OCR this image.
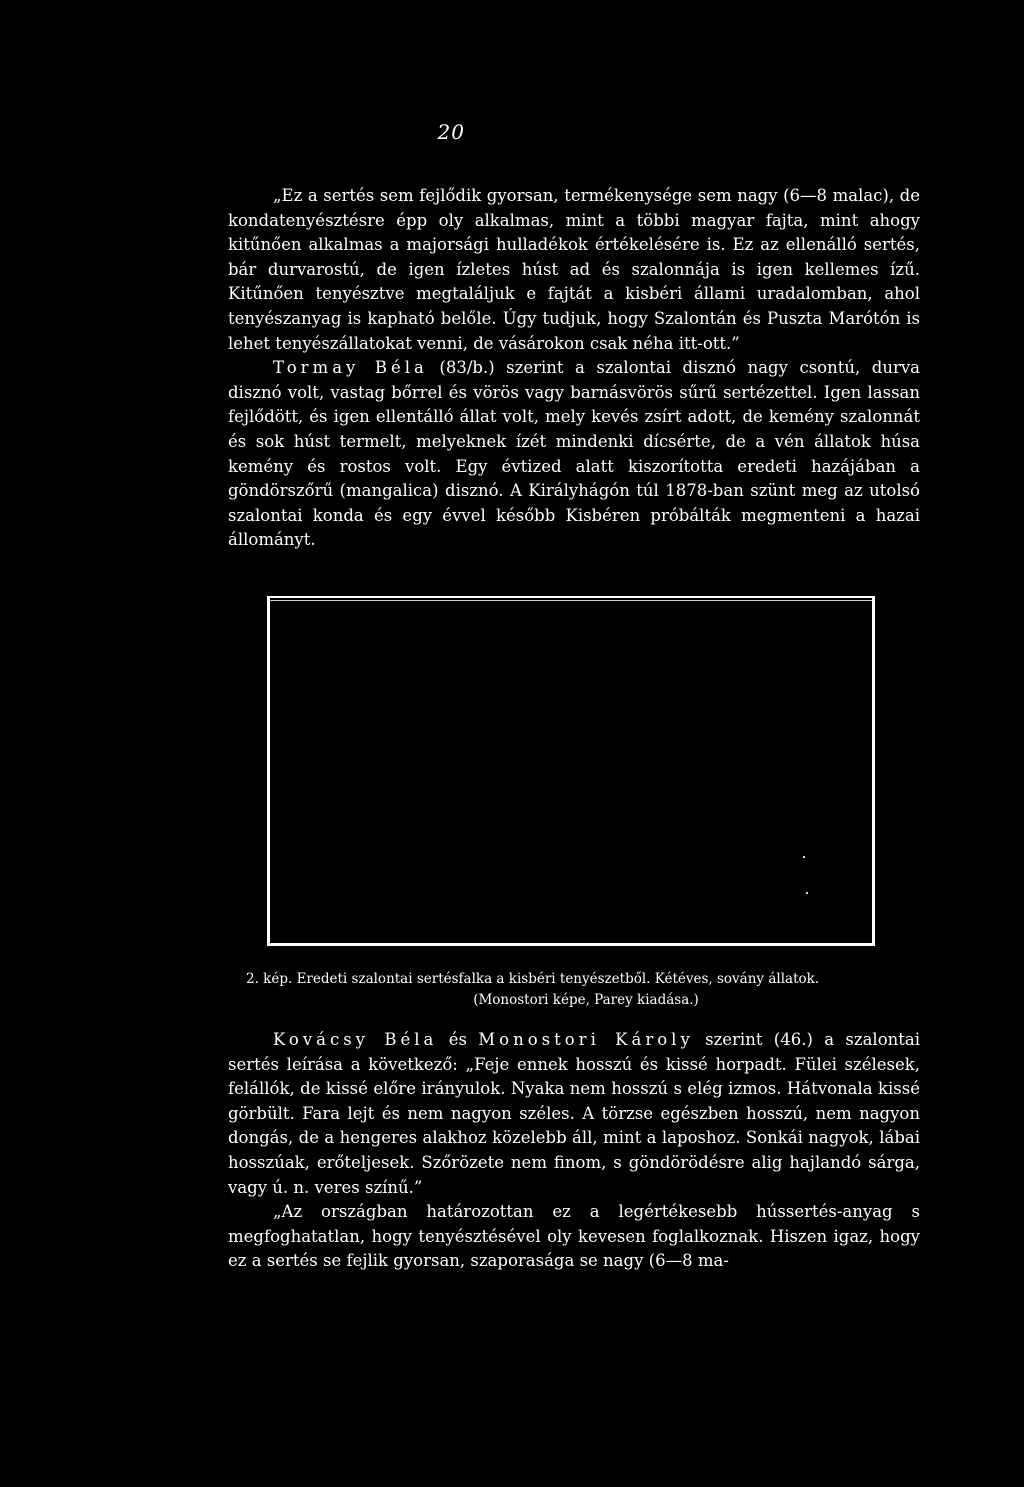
20

„Ez a sertés sem fejlődik gyorsan, termékenysége sem nagy (6—8 malac), de kondatenyésztésre épp oly alkalmas, mint a többi magyar fajta, mint ahogy kitűnően alkalmas a majorsági hulladékok értékelésére is. Ez az ellenálló sertés, bár durvarostú, de igen ízletes húst ad és szalonnája is igen kellemes ízű. Kitűnően tenyésztve megtaláljuk e fajtát a kisbéri állami uradalomban, ahol tenyészanyag is kapható belőle. Úgy tudjuk, hogy Szalontán és Puszta Marótón is lehet tenyészállatokat venni, de vásárokon csak néha itt-ott.”

Tormay Béla (83/b.) szerint a szalontai disznó nagy csontú, durva disznó volt, vastag bőrrel és vörös vagy barnásvörös sűrű sertézettel. Igen lassan fejlődött, és igen ellentálló állat volt, mely kevés zsírt adott, de kemény szalonnát és sok húst termelt, melyeknek ízét mindenki dícsérte, de a vén állatok húsa kemény és rostos volt. Egy évtized alatt kiszorította eredeti hazájában a göndörszőrű (mangalica) disznó. A Királyhágón túl 1878-ban szünt meg az utolsó szalontai konda és egy évvel később Kisbéren próbálták megmenteni a hazai állományt.

2. kép. Eredeti szalontai sertésfalka a kisbéri tenyészetből. Kétéves, sovány állatok.
(Monostori képe, Parey kiadása.)

Kovácsy Béla és Monostori Károly szerint (46.) a szalontai sertés leírása a következő: „Feje ennek hosszú és kissé horpadt. Fülei szélesek, felállók, de kissé előre irányulok. Nyaka nem hosszú s elég izmos. Hátvonala kissé görbült. Fara lejt és nem nagyon széles. A törzse egészben hosszú, nem nagyon dongás, de a hengeres alakhoz közelebb áll, mint a laposhoz. Sonkái nagyok, lábai hosszúak, erőteljesek. Szőrözete nem finom, s göndörödésre alig hajlandó sárga, vagy ú. n. veres színű.”

„Az országban határozottan ez a legértékesebb hússertés-anyag s megfoghatatlan, hogy tenyésztésével oly kevesen foglalkoznak. Hiszen igaz, hogy ez a sertés se fejlik gyorsan, szaporasága se nagy (6—8 ma-
